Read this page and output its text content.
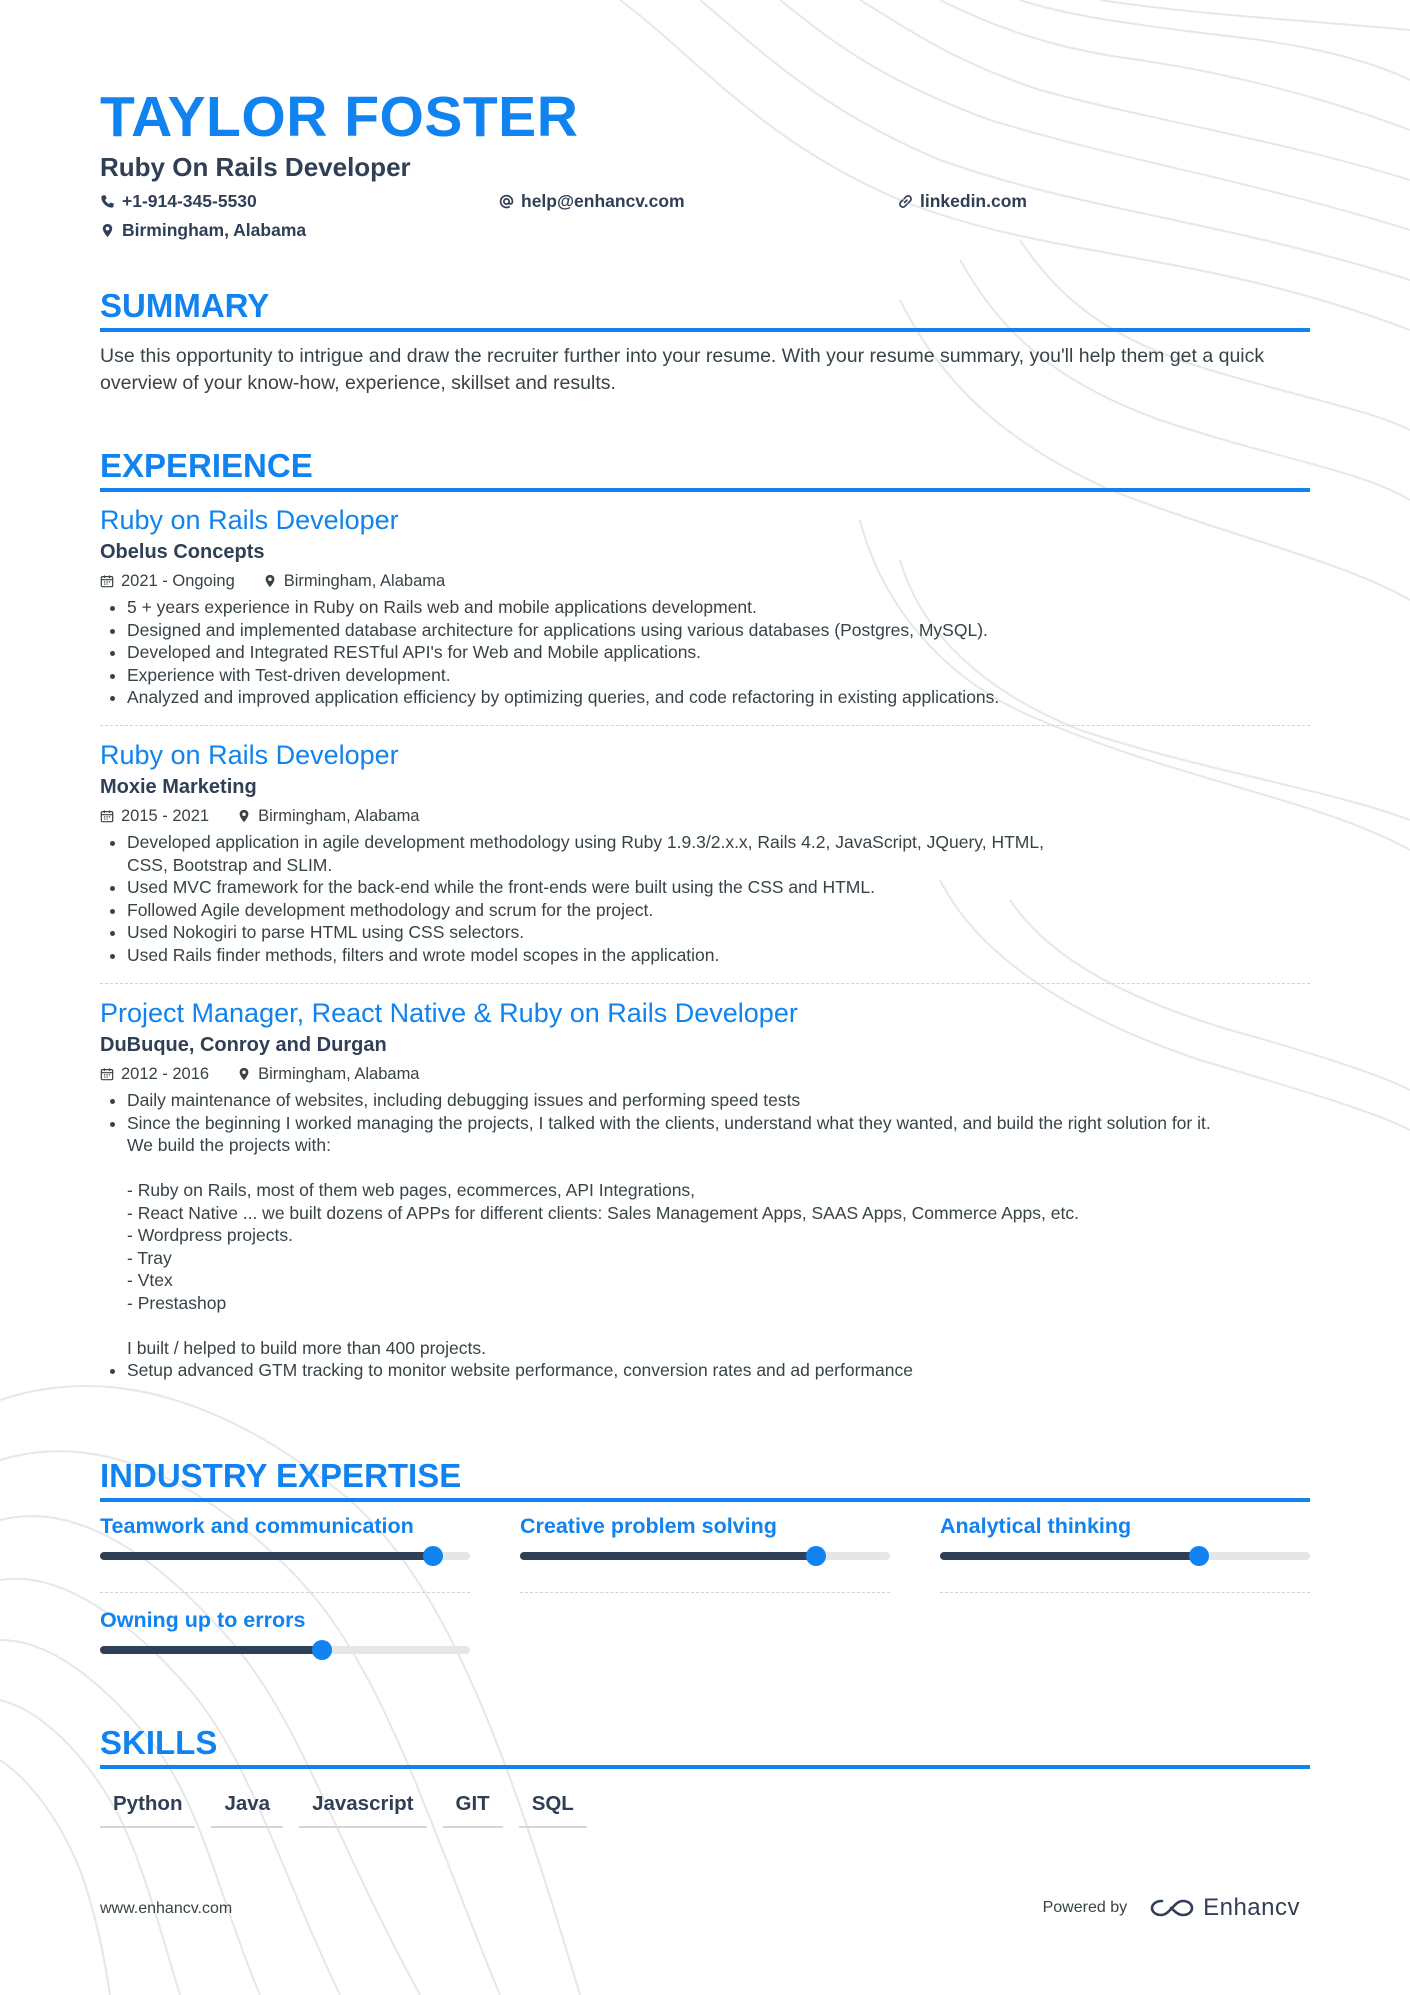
TAYLOR FOSTER
Ruby On Rails Developer
+1-914-345-5530	help@enhancv.com	linkedin.com
Birmingham, Alabama
SUMMARY
Use this opportunity to intrigue and draw the recruiter further into your resume. With your resume summary, you'll help them get a quick overview of your know-how, experience, skillset and results.
EXPERIENCE
Ruby on Rails Developer
Obelus Concepts
2021 - Ongoing	Birmingham, Alabama
• 5 + years experience in Ruby on Rails web and mobile applications development.
• Designed and implemented database architecture for applications using various databases (Postgres, MySQL).
• Developed and Integrated RESTful API's for Web and Mobile applications.
• Experience with Test-driven development.
• Analyzed and improved application efficiency by optimizing queries, and code refactoring in existing applications.
Ruby on Rails Developer
Moxie Marketing
2015 - 2021	Birmingham, Alabama
• Developed application in agile development methodology using Ruby 1.9.3/2.x.x, Rails 4.2, JavaScript, JQuery, HTML, CSS, Bootstrap and SLIM.
• Used MVC framework for the back-end while the front-ends were built using the CSS and HTML.
• Followed Agile development methodology and scrum for the project.
• Used Nokogiri to parse HTML using CSS selectors.
• Used Rails finder methods, filters and wrote model scopes in the application.
Project Manager, React Native & Ruby on Rails Developer
DuBuque, Conroy and Durgan
2012 - 2016	Birmingham, Alabama
• Daily maintenance of websites, including debugging issues and performing speed tests
• Since the beginning I worked managing the projects, I talked with the clients, understand what they wanted, and build the right solution for it.
We build the projects with:

- Ruby on Rails, most of them web pages, ecommerces, API Integrations,
- React Native ... we built dozens of APPs for different clients: Sales Management Apps, SAAS Apps, Commerce Apps, etc.
- Wordpress projects.
- Tray
- Vtex
- Prestashop

I built / helped to build more than 400 projects.
• Setup advanced GTM tracking to monitor website performance, conversion rates and ad performance
INDUSTRY EXPERTISE
Teamwork and communication	Creative problem solving	Analytical thinking
Owning up to errors
SKILLS
Python	Java	Javascript	GIT	SQL
www.enhancv.com	Powered by	Enhancv
